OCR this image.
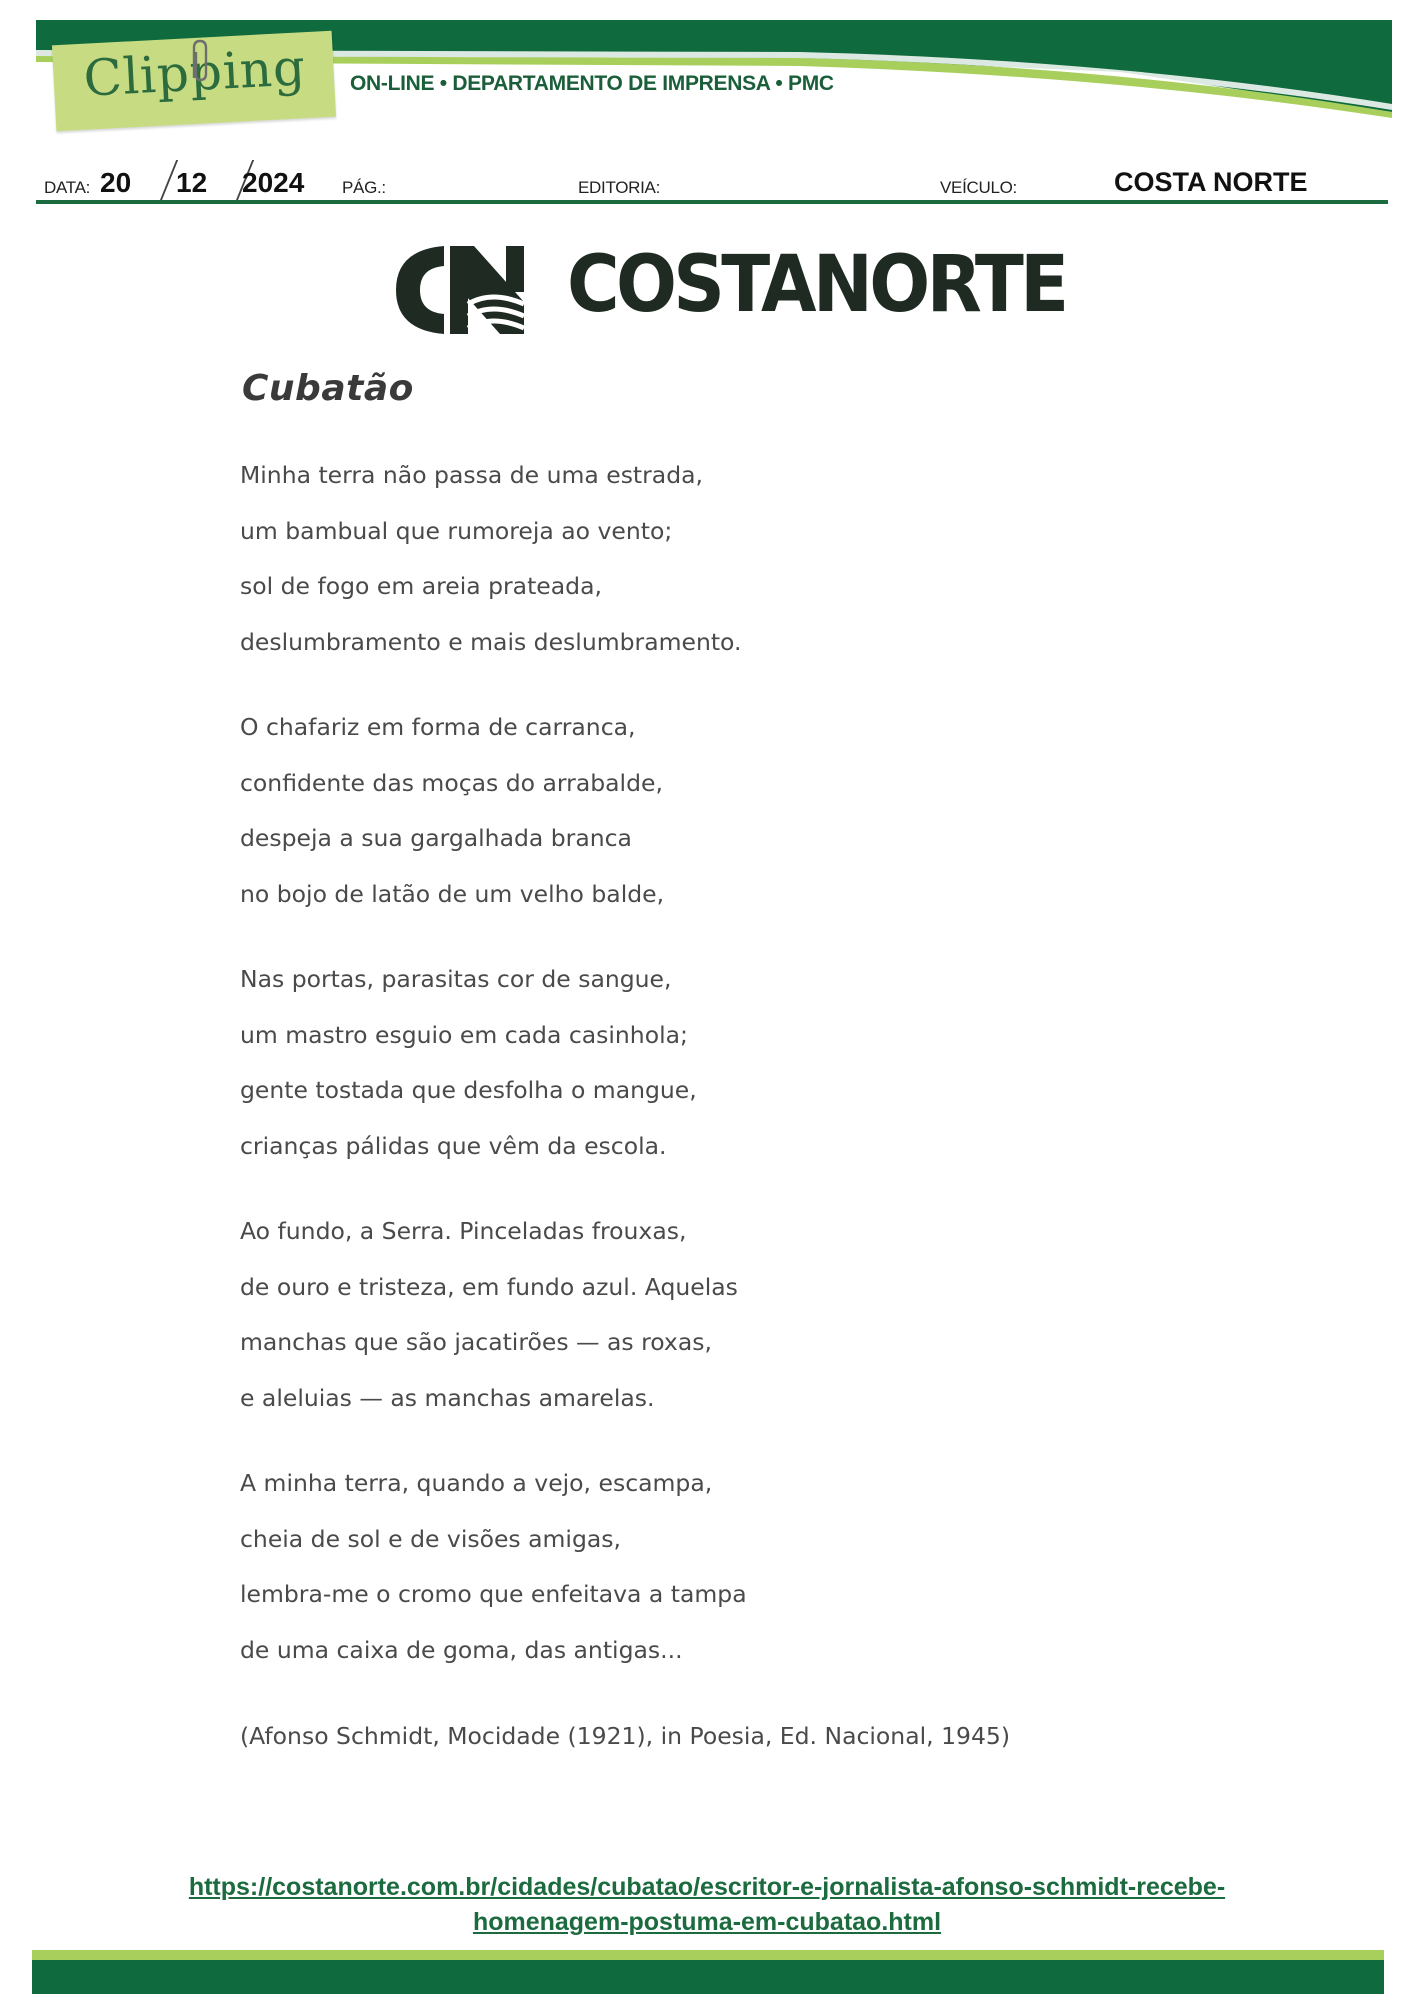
Clipping ON-LINE • DEPARTAMENTO DE IMPRENSA • PMC
DATA: 20 12 2024 PÁG.:	EDITORIA:	VEÍCULO:	COSTA NORTE
COSTANORTE
Cubatão
Minha terra não passa de uma estrada,
um bambual que rumoreja ao vento;
sol de fogo em areia prateada,
deslumbramento e mais deslumbramento.
O chafariz em forma de carranca,
confidente das moças do arrabalde,
despeja a sua gargalhada branca
no bojo de latão de um velho balde,
Nas portas, parasitas cor de sangue,
um mastro esguio em cada casinhola;
gente tostada que desfolha o mangue,
crianças pálidas que vêm da escola.
Ao fundo, a Serra. Pinceladas frouxas,
de ouro e tristeza, em fundo azul. Aquelas
manchas que são jacatirões — as roxas,
e aleluias — as manchas amarelas.
A minha terra, quando a vejo, escampa,
cheia de sol e de visões amigas,
lembra-me o cromo que enfeitava a tampa
de uma caixa de goma, das antigas...
(Afonso Schmidt, Mocidade (1921), in Poesia, Ed. Nacional, 1945)
https://costanorte.com.br/cidades/cubatao/escritor-e-jornalista-afonso-schmidt-recebe-
homenagem-postuma-em-cubatao.html
